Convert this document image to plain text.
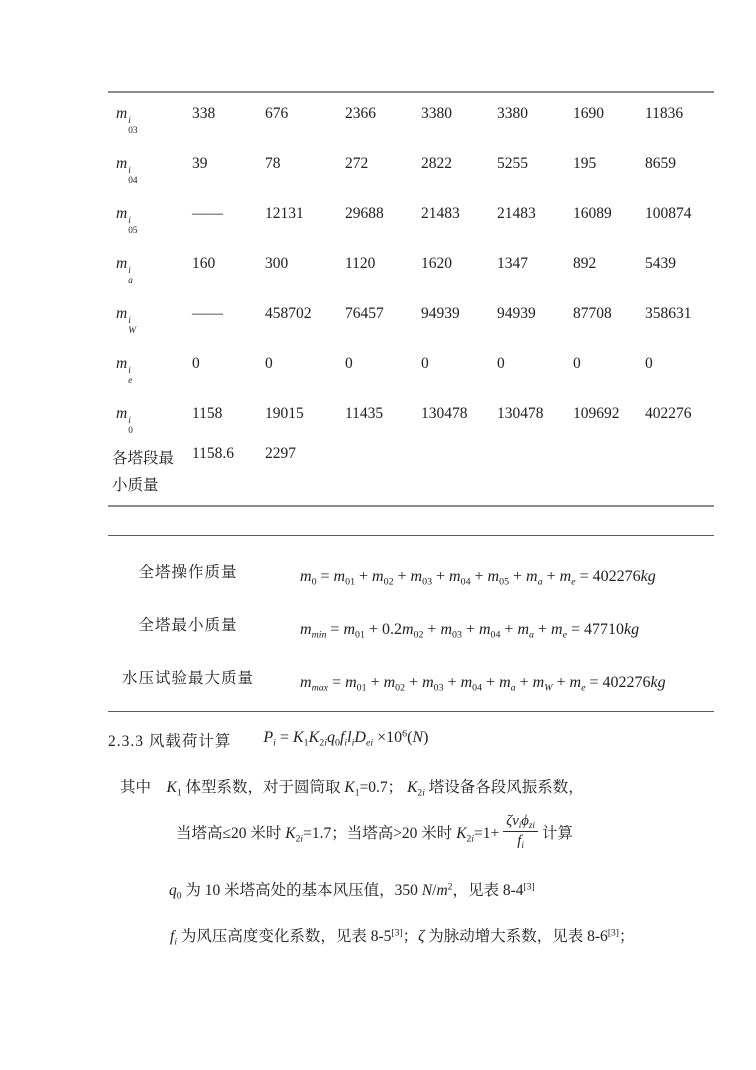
m i
03
338	676	2366	3380	3380	1690	11836
m i
04
39	78	272	2822	5255	195	8659
m i
05
——	12131	29688	21483	21483	16089	100874
m i
a
160	300	1120	1620	1347	892	5439
m i
W
——	458702	76457	94939	94939	87708	358631
m i
e
0	0	0	0	0	0	0
m i
0
1158	19015	11435	130478	130478	109692	402276
各塔段最小质量
1158.6	2297
全塔操作质量	$m_0 = m_{01} + m_{02} + m_{03} + m_{04} + m_{05} + m_a + m_e = 402276kg$
全塔最小质量	$m_{min} = m_{01} + 0.2m_{02} + m_{03} + m_{04} + m_a + m_e = 47710kg$
水压试验最大质量	$m_{max} = m_{01} + m_{02} + m_{03} + m_{04} + m_a + m_W + m_e = 402276kg$
2.3.3 风载荷计算 $P_i = K_1K_{2i}q_0f_il_iD_{ei} \times 10^6(N)$
其中　$K_1$ 体型系数，对于圆筒取 $K_1=0.7$； $K_{2i}$ 塔设备各段风振系数，
当塔高≤20 米时 $K_{2i}=1.7$；当塔高>20 米时 $K_{2i}=1+ \frac{\zeta v_i\phi_{zi}}{f_i}$ 计算
$q_0$ 为 10 米塔高处的基本风压值，350 $N/m^2$，见表 8-4[3]
$f_i$ 为风压高度变化系数，见表 8-5[3]；ζ 为脉动增大系数，见表 8-6[3]；
